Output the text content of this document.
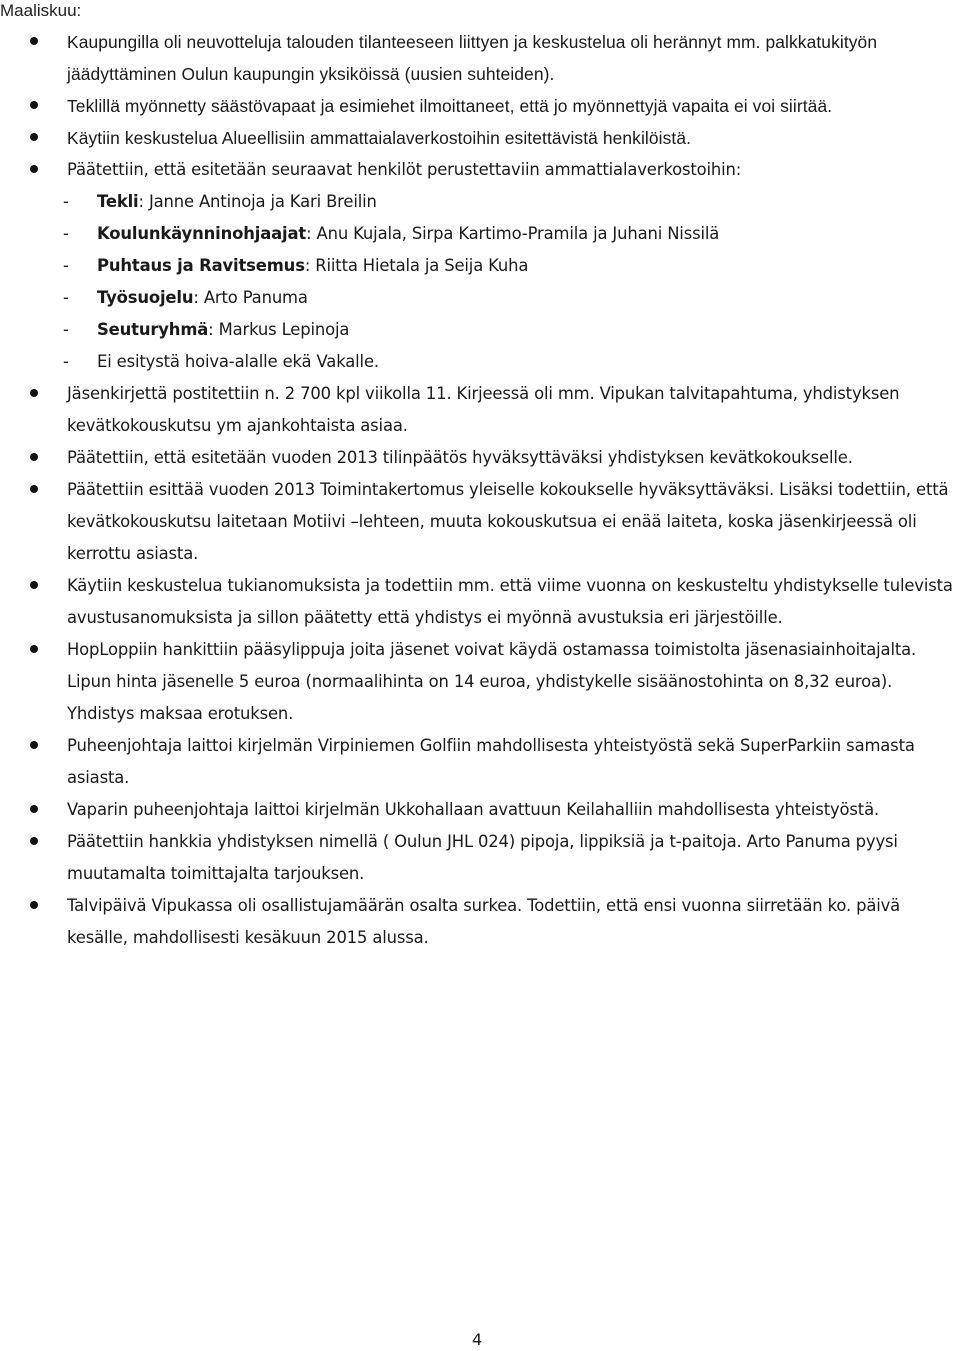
Maaliskuu:
Kaupungilla oli neuvotteluja talouden tilanteeseen liittyen ja keskustelua oli herännyt mm. palkkatukityön jäädyttäminen Oulun kaupungin yksiköissä (uusien suhteiden).
Teklillä myönnetty säästövapaat ja esimiehet ilmoittaneet, että jo myönnettyjä vapaita ei voi siirtää.
Käytiin keskustelua Alueellisiin ammattaialaverkostoihin esitettävistä henkilöistä.
Päätettiin, että esitetään seuraavat henkilöt perustettaviin ammattialaverkostoihin:
- Tekli: Janne Antinoja ja Kari Breilin
- Koulunkäynninohjaajat: Anu Kujala, Sirpa Kartimo-Pramila ja Juhani Nissilä
- Puhtaus ja Ravitsemus: Riitta Hietala ja Seija Kuha
- Työsuojelu: Arto Panuma
- Seuturyhmä: Markus Lepinoja
- Ei esitystä hoiva-alalle ekä Vakalle.
Jäsenkirjettä postitettiin n. 2 700 kpl viikolla 11. Kirjeessä oli mm. Vipukan talvitapahtuma, yhdistyksen kevätkokouskutsu ym ajankohtaista asiaa.
Päätettiin, että esitetään vuoden 2013 tilinpäätös hyväksyttäväksi yhdistyksen kevätkokoukselle.
Päätettiin esittää vuoden 2013 Toimintakertomus yleiselle kokoukselle hyväksyttäväksi. Lisäksi todettiin, että kevätkokouskutsu laitetaan Motiivi –lehteen, muuta kokouskutsua ei enää laiteta, koska jäsenkirjeessä oli kerrottu asiasta.
Käytiin keskustelua tukianomuksista ja todettiin mm. että viime vuonna on keskusteltu yhdistykselle tulevista avustusanomuksista ja sillon päätetty että yhdistys ei myönnä avustuksia eri järjestöille.
HopLoppiin hankittiin pääsylippuja joita jäsenet voivat käydä ostamassa toimistolta jäsenasiainhoitajalta. Lipun hinta jäsenelle 5 euroa (normaalihinta on 14 euroa, yhdistykelle sisäänostohinta on 8,32 euroa). Yhdistys maksaa erotuksen.
Puheenjohtaja laittoi kirjelmän Virpiniemen Golfiin mahdollisesta yhteistyöstä sekä SuperParkiin samasta asiasta.
Vaparin puheenjohtaja laittoi kirjelmän Ukkohallaan avattuun Keilahalliin mahdollisesta yhteistyöstä.
Päätettiin hankkia yhdistyksen nimellä ( Oulun JHL 024) pipoja, lippiksiä ja t-paitoja. Arto Panuma pyysi muutamalta toimittajalta tarjouksen.
Talvipäivä Vipukassa oli osallistujamäärän osalta surkea. Todettiin, että ensi vuonna siirretään ko. päivä kesälle, mahdollisesti kesäkuun 2015 alussa.
4
